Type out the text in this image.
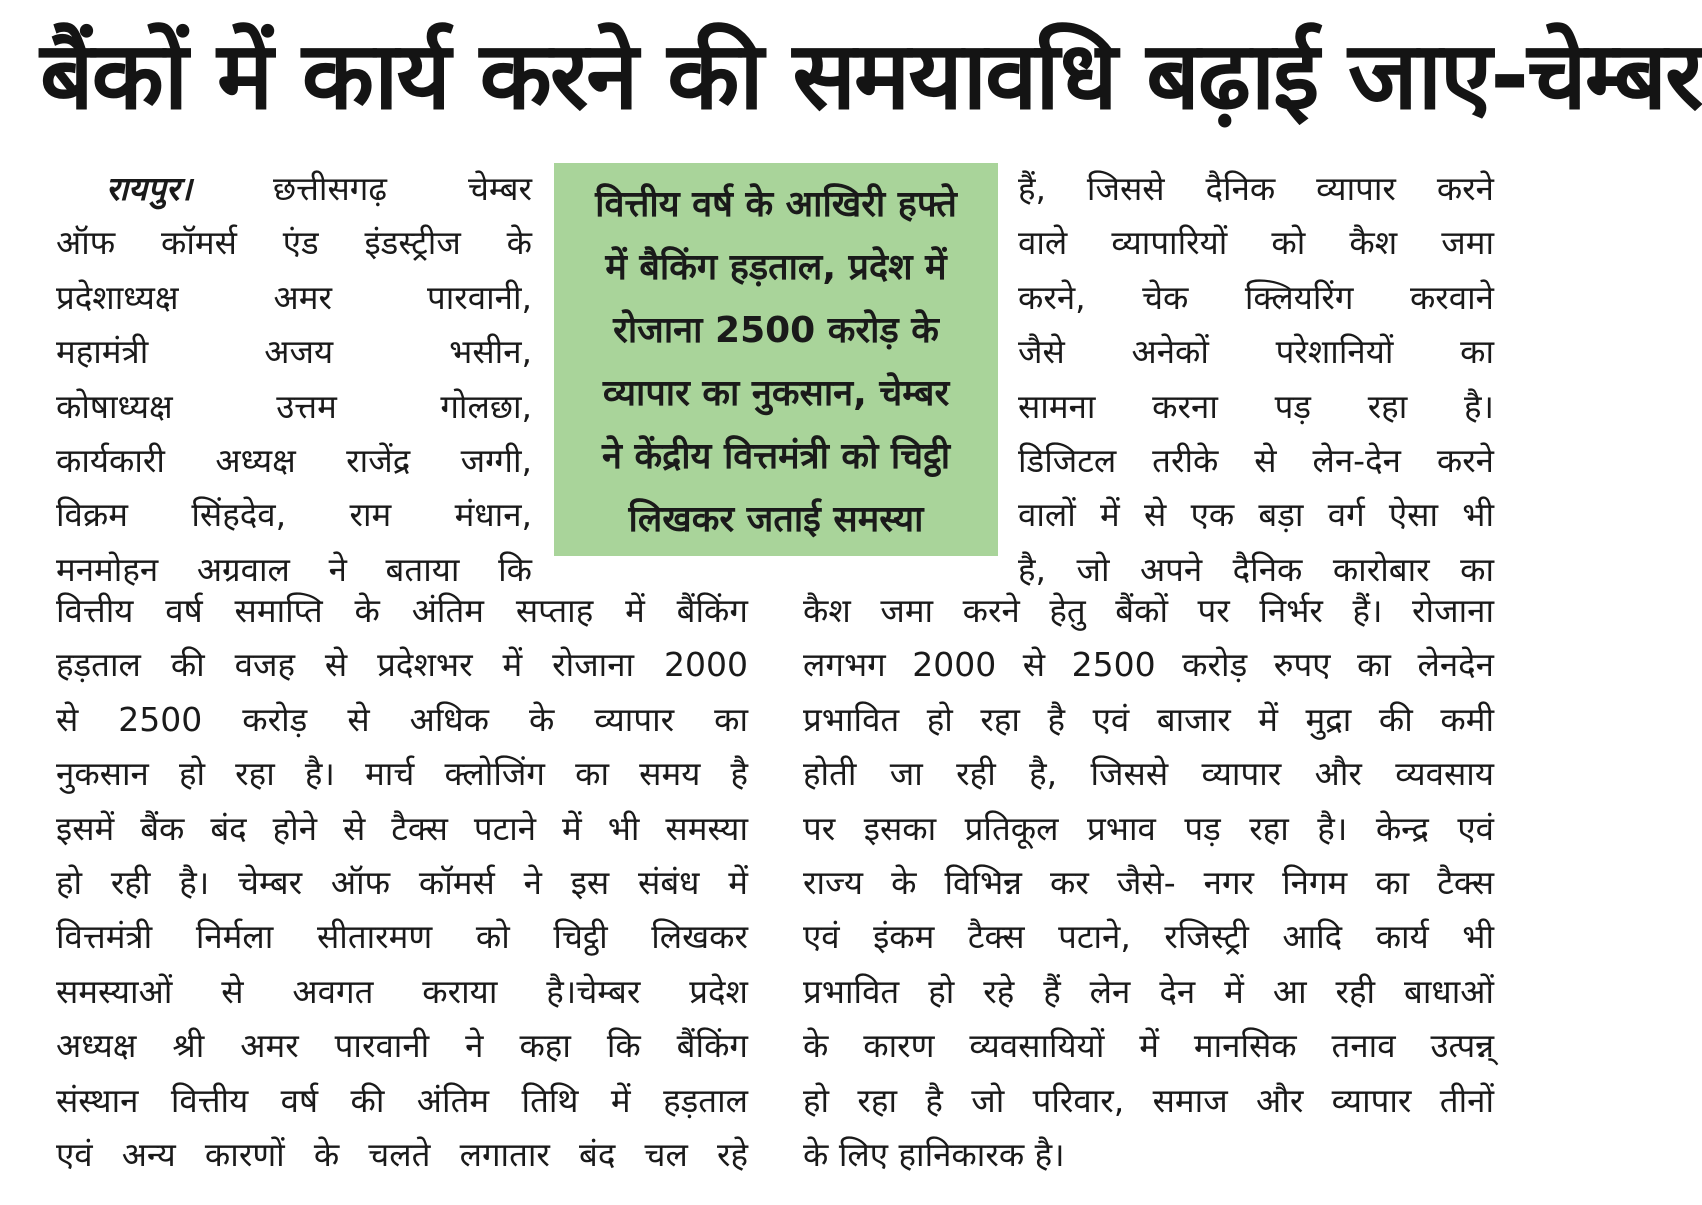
बैंकों में कार्य करने की समयावधि बढ़ाई जाए-चेम्बर
रायपुर। छत्तीसगढ़ चेम्बर
ऑफ कॉमर्स एंड इंडस्ट्रीज के
प्रदेशाध्यक्ष अमर पारवानी,
महामंत्री अजय भसीन,
कोषाध्यक्ष उत्तम गोलछा,
कार्यकारी अध्यक्ष राजेंद्र जग्गी,
विक्रम सिंहदेव, राम मंधान,
मनमोहन अग्रवाल ने बताया कि
वित्तीय वर्ष के आखिरी हफ्ते
में बैकिंग हड़ताल, प्रदेश में
रोजाना 2500 करोड़ के
व्यापार का नुकसान, चेम्बर
ने केंद्रीय वित्तमंत्री को चिट्ठी
लिखकर जताई समस्या
हैं, जिससे दैनिक व्यापार करने
वाले व्यापारियों को कैश जमा
करने, चेक क्लियरिंग करवाने
जैसे अनेकों परेशानियों का
सामना करना पड़ रहा है।
डिजिटल तरीके से लेन-देन करने
वालों में से एक बड़ा वर्ग ऐसा भी
है, जो अपने दैनिक कारोबार का
वित्तीय वर्ष समाप्ति के अंतिम सप्ताह में बैंकिंग
हड़ताल की वजह से प्रदेशभर में रोजाना 2000
से 2500 करोड़ से अधिक के व्यापार का
नुकसान हो रहा है। मार्च क्लोजिंग का समय है
इसमें बैंक बंद होने से टैक्स पटाने में भी समस्या
हो रही है। चेम्बर ऑफ कॉमर्स ने इस संबंध में
वित्तमंत्री निर्मला सीतारमण को चिट्ठी लिखकर
समस्याओं से अवगत कराया है।चेम्बर प्रदेश
अध्यक्ष श्री अमर पारवानी ने कहा कि बैंकिंग
संस्थान वित्तीय वर्ष की अंतिम तिथि में हड़ताल
एवं अन्य कारणों के चलते लगातार बंद चल रहे
कैश जमा करने हेतु बैंकों पर निर्भर हैं। रोजाना
लगभग 2000 से 2500 करोड़ रुपए का लेनदेन
प्रभावित हो रहा है एवं बाजार में मुद्रा की कमी
होती जा रही है, जिससे व्यापार और व्यवसाय
पर इसका प्रतिकूल प्रभाव पड़ रहा है। केन्द्र एवं
राज्य के विभिन्न कर जैसे- नगर निगम का टैक्स
एवं इंकम टैक्स पटाने, रजिस्ट्री आदि कार्य भी
प्रभावित हो रहे हैं लेन देन में आ रही बाधाओं
के कारण व्यवसायियों में मानसिक तनाव उत्पन्न्
हो रहा है जो परिवार, समाज और व्यापार तीनों
के लिए हानिकारक है।
